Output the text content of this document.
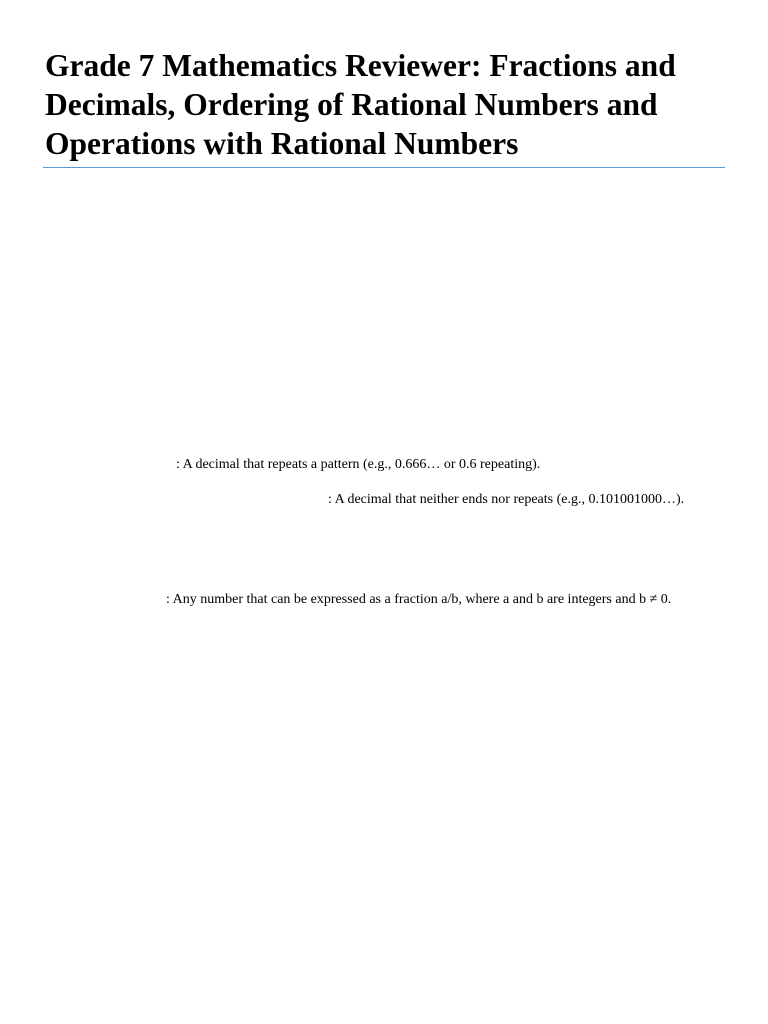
Grade 7 Mathematics Reviewer: Fractions and Decimals, Ordering of Rational Numbers and Operations with Rational Numbers
: A decimal that repeats a pattern (e.g., 0.666… or 0.6 repeating).
: A decimal that neither ends nor repeats (e.g., 0.101001000…).
: Any number that can be expressed as a fraction a/b, where a and b are integers and b ≠ 0.
